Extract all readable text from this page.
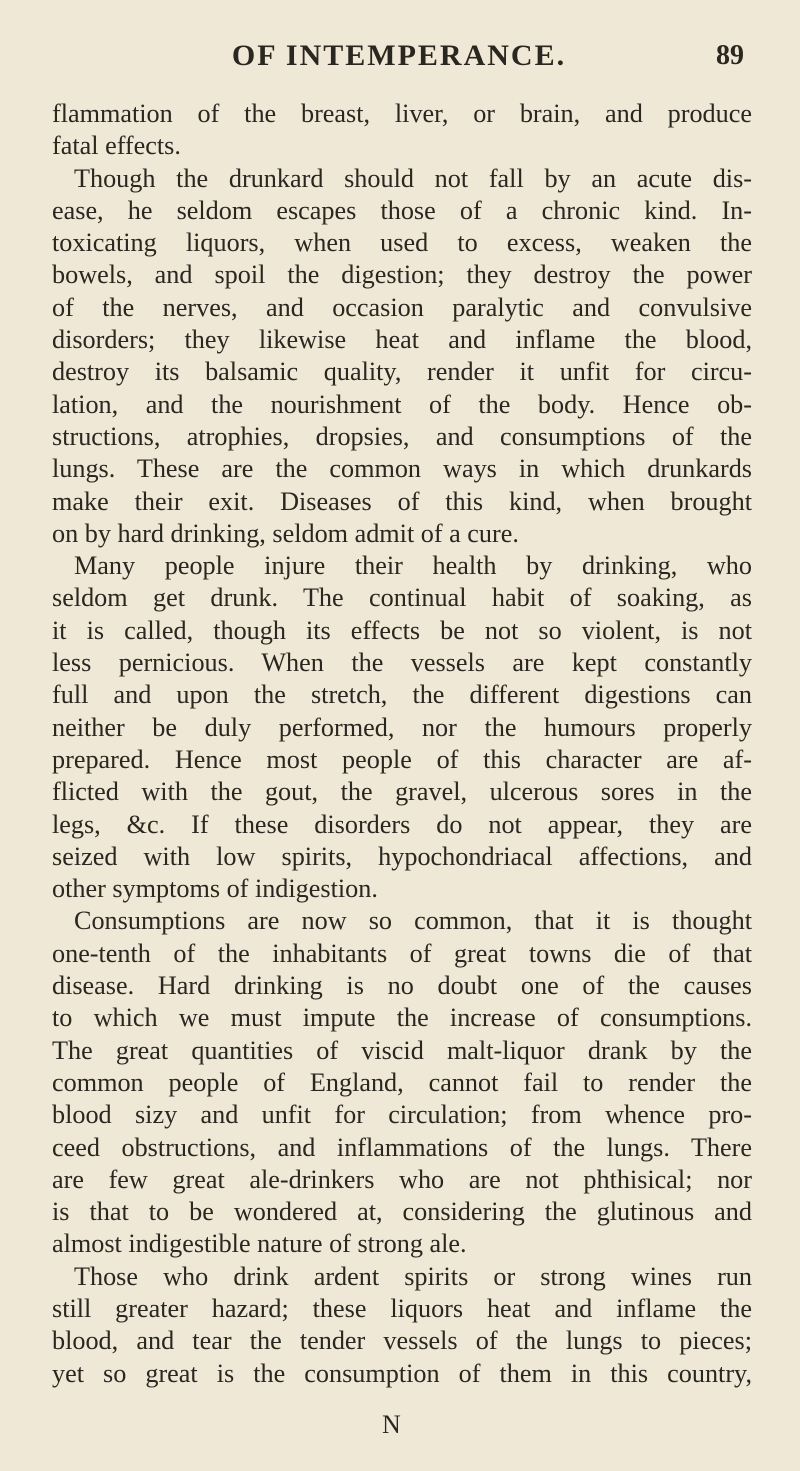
OF INTEMPERANCE.	89
flammation of the breast, liver, or brain, and produce
fatal effects.
Though the drunkard should not fall by an acute dis-
ease, he seldom escapes those of a chronic kind. In-
toxicating liquors, when used to excess, weaken the
bowels, and spoil the digestion; they destroy the power
of the nerves, and occasion paralytic and convulsive
disorders; they likewise heat and inflame the blood,
destroy its balsamic quality, render it unfit for circu-
lation, and the nourishment of the body. Hence ob-
structions, atrophies, dropsies, and consumptions of the
lungs. These are the common ways in which drunkards
make their exit. Diseases of this kind, when brought
on by hard drinking, seldom admit of a cure.
Many people injure their health by drinking, who
seldom get drunk. The continual habit of soaking, as
it is called, though its effects be not so violent, is not
less pernicious. When the vessels are kept constantly
full and upon the stretch, the different digestions can
neither be duly performed, nor the humours properly
prepared. Hence most people of this character are af-
flicted with the gout, the gravel, ulcerous sores in the
legs, &c. If these disorders do not appear, they are
seized with low spirits, hypochondriacal affections, and
other symptoms of indigestion.
Consumptions are now so common, that it is thought
one-tenth of the inhabitants of great towns die of that
disease. Hard drinking is no doubt one of the causes
to which we must impute the increase of consumptions.
The great quantities of viscid malt-liquor drank by the
common people of England, cannot fail to render the
blood sizy and unfit for circulation; from whence pro-
ceed obstructions, and inflammations of the lungs. There
are few great ale-drinkers who are not phthisical; nor
is that to be wondered at, considering the glutinous and
almost indigestible nature of strong ale.
Those who drink ardent spirits or strong wines run
still greater hazard; these liquors heat and inflame the
blood, and tear the tender vessels of the lungs to pieces;
yet so great is the consumption of them in this country,
N
